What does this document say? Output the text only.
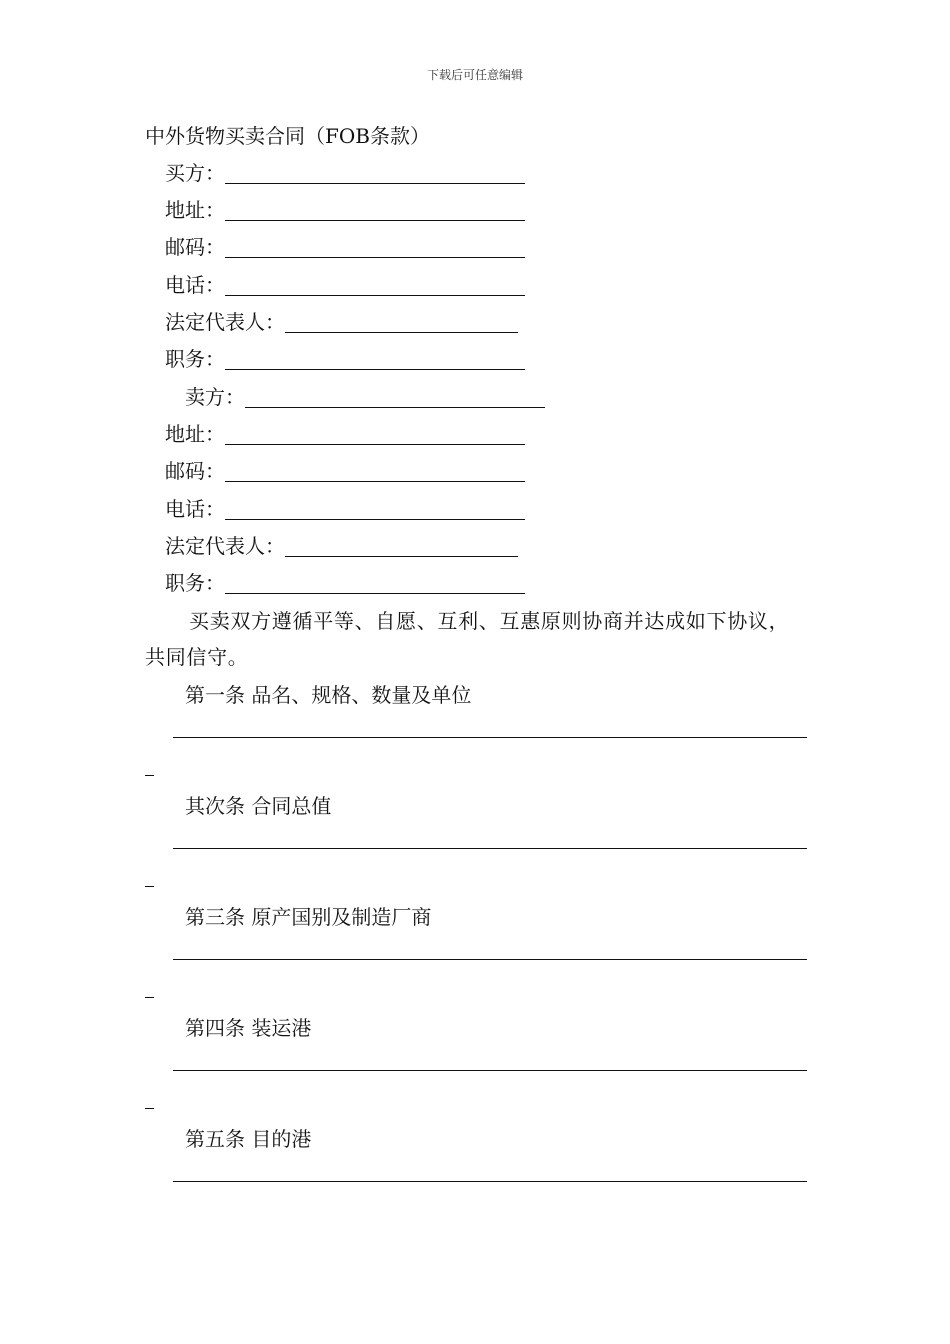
下载后可任意编辑
中外货物买卖合同（FOB条款）
买方：
地址：
邮码：
电话：
法定代表人：
职务：
卖方：
地址：
邮码：
电话：
法定代表人：
职务：
买卖双方遵循平等、自愿、互利、互惠原则协商并达成如下协议，共同信守。
第一条 品名、规格、数量及单位
其次条 合同总值
第三条 原产国别及制造厂商
第四条 装运港
第五条 目的港
